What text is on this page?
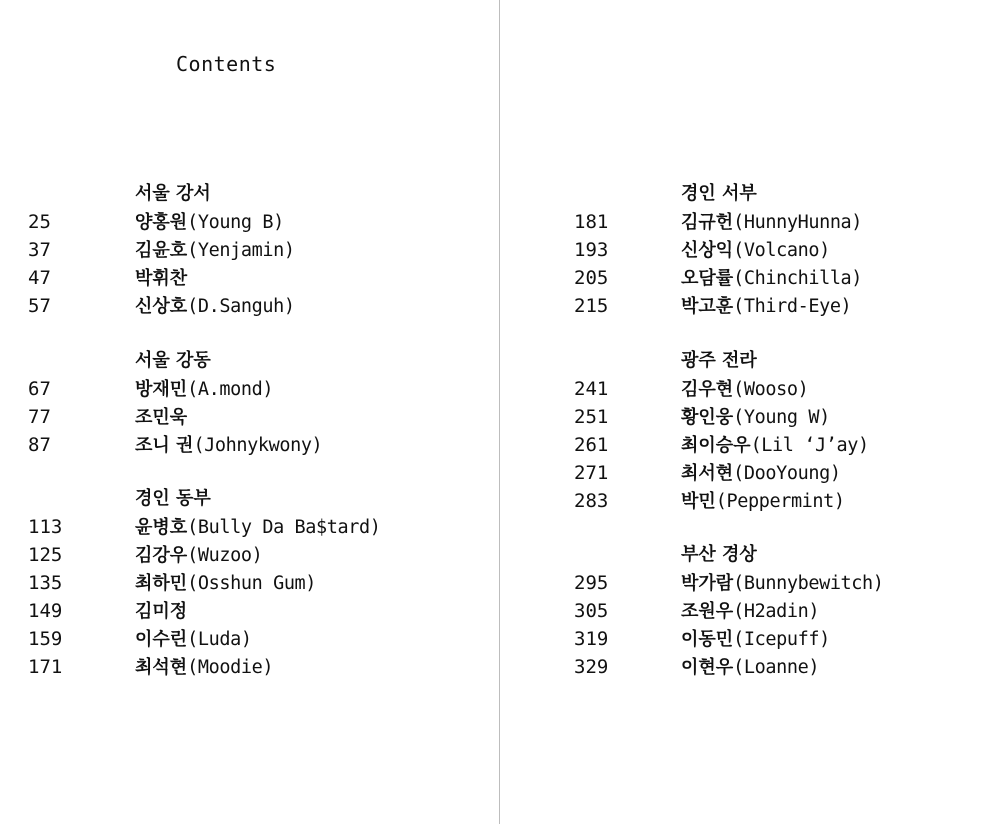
Contents
서울 강서
25	양홍원(Young B)
37	김윤호(Yenjamin)
47	박휘찬
57	신상호(D.Sanguh)
서울 강동
67	방재민(A.mond)
77	조민욱
87	조니 권(Johnykwony)
경인 동부
113	윤병호(Bully Da Ba$tard)
125	김강우(Wuzoo)
135	최하민(Osshun Gum)
149	김미정
159	이수린(Luda)
171	최석현(Moodie)
경인 서부
181	김규헌(HunnyHunna)
193	신상익(Volcano)
205	오담률(Chinchilla)
215	박고훈(Third-Eye)
광주 전라
241	김우현(Wooso)
251	황인웅(Young W)
261	최이승우(Lil ‘J’ay)
271	최서현(DooYoung)
283	박민(Peppermint)
부산 경상
295	박가람(Bunnybewitch)
305	조원우(H2adin)
319	이동민(Icepuff)
329	이현우(Loanne)
